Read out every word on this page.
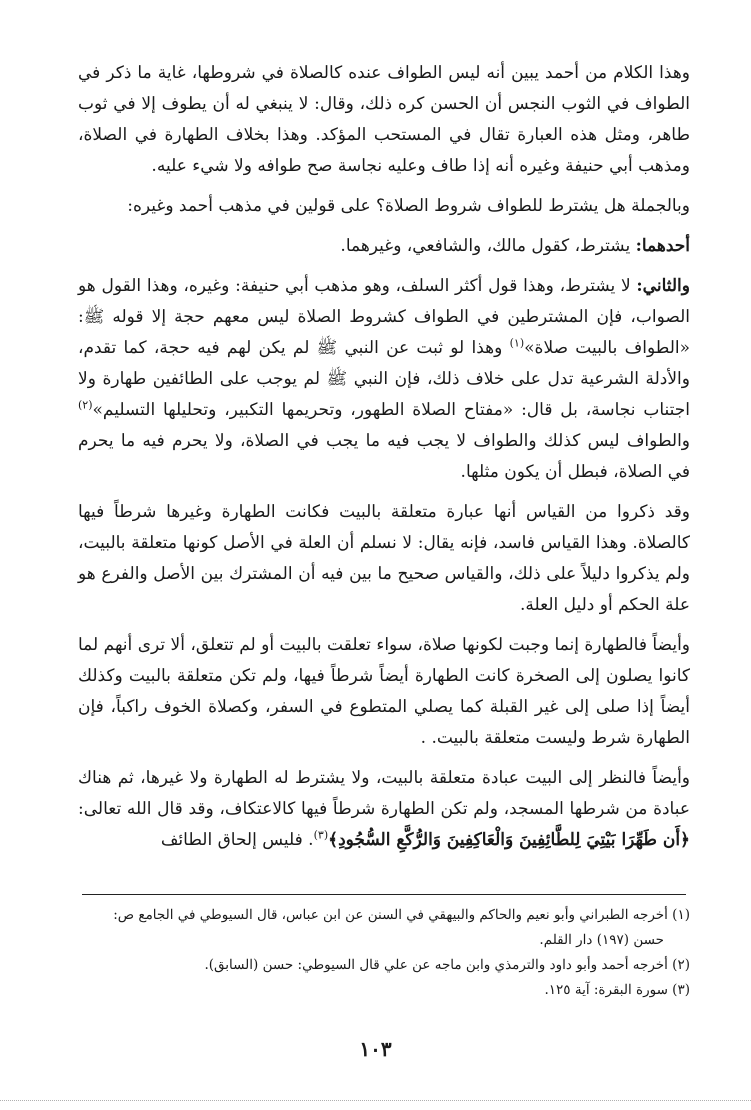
وهذا الكلام من أحمد يبين أنه ليس الطواف عنده كالصلاة في شروطها، غاية ما ذكر في الطواف في الثوب النجس أن الحسن كره ذلك، وقال: لا ينبغي له أن يطوف إلا في ثوب طاهر، ومثل هذه العبارة تقال في المستحب المؤكد. وهذا بخلاف الطهارة في الصلاة، ومذهب أبي حنيفة وغيره أنه إذا طاف وعليه نجاسة صح طوافه ولا شيء عليه.

وبالجملة هل يشترط للطواف شروط الصلاة؟ على قولين في مذهب أحمد وغيره:

أحدهما: يشترط، كقول مالك، والشافعي، وغيرهما.

والثاني: لا يشترط، وهذا قول أكثر السلف، وهو مذهب أبي حنيفة: وغيره، وهذا القول هو الصواب، فإن المشترطين في الطواف كشروط الصلاة ليس معهم حجة إلا قوله ﷺ: «الطواف بالبيت صلاة»$^{(١)}$ وهذا لو ثبت عن النبي ﷺ لم يكن لهم فيه حجة، كما تقدم، والأدلة الشرعية تدل على خلاف ذلك، فإن النبي ﷺ لم يوجب على الطائفين طهارة ولا اجتناب نجاسة، بل قال: «مفتاح الصلاة الطهور، وتحريمها التكبير، وتحليلها التسليم»$^{(٢)}$ والطواف ليس كذلك والطواف لا يجب فيه ما يجب في الصلاة، ولا يحرم فيه ما يحرم في الصلاة، فبطل أن يكون مثلها.

وقد ذكروا من القياس أنها عبارة متعلقة بالبيت فكانت الطهارة وغيرها شرطاً فيها كالصلاة. وهذا القياس فاسد، فإنه يقال: لا نسلم أن العلة في الأصل كونها متعلقة بالبيت، ولم يذكروا دليلاً على ذلك، والقياس صحيح ما بين فيه أن المشترك بين الأصل والفرع هو علة الحكم أو دليل العلة.

وأيضاً فالطهارة إنما وجبت لكونها صلاة، سواء تعلقت بالبيت أو لم تتعلق، ألا ترى أنهم لما كانوا يصلون إلى الصخرة كانت الطهارة أيضاً شرطاً فيها، ولم تكن متعلقة بالبيت وكذلك أيضاً إذا صلى إلى غير القبلة كما يصلي المتطوع في السفر، وكصلاة الخوف راكباً، فإن الطهارة شرط وليست متعلقة بالبيت. .

وأيضاً فالنظر إلى البيت عبادة متعلقة بالبيت، ولا يشترط له الطهارة ولا غيرها، ثم هناك عبادة من شرطها المسجد، ولم تكن الطهارة شرطاً فيها كالاعتكاف، وقد قال الله تعالى: ﴿أَن طَهِّرَا بَيْتِيَ لِلطَّائِفِينَ وَالْعَاكِفِينَ وَالرُّكَّعِ السُّجُودِ﴾$^{(٣)}$. فليس إلحاق الطائف

(١) أخرجه الطبراني وأبو نعيم والحاكم والبيهقي في السنن عن ابن عباس، قال السيوطي في الجامع ص:
حسن (١٩٧) دار القلم.

(٢) أخرجه أحمد وأبو داود والترمذي وابن ماجه عن علي قال السيوطي: حسن (السابق).

(٣) سورة البقرة: آية ١٢٥.

١٠٣
